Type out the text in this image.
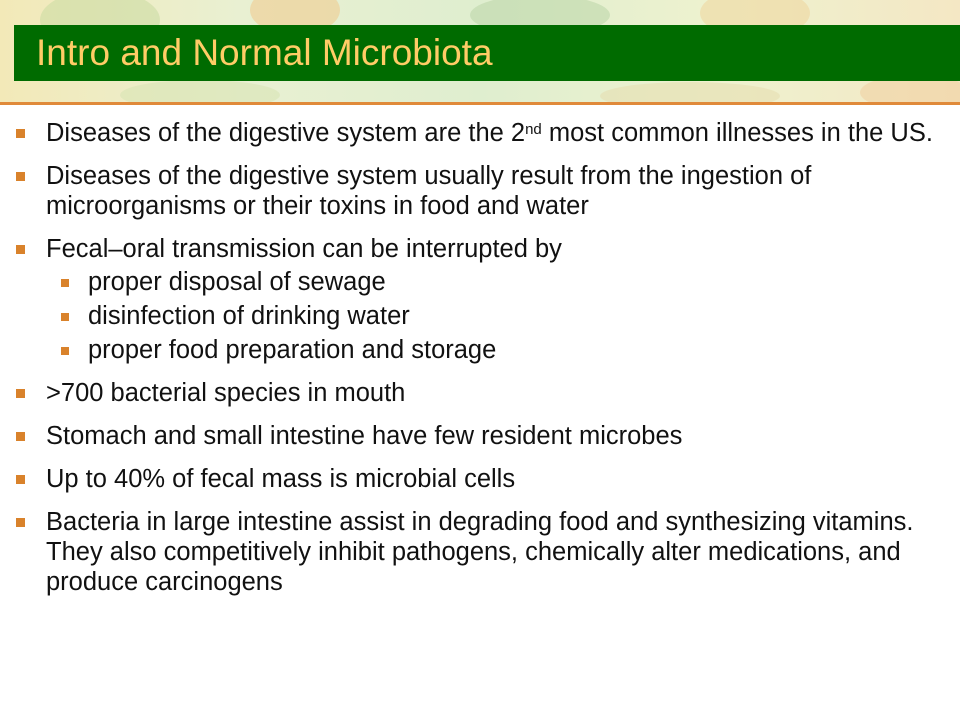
Intro and Normal Microbiota
Diseases of the digestive system are the 2nd most common illnesses in the US.
Diseases of the digestive system usually result from the ingestion of microorganisms or their toxins in food and water
Fecal–oral transmission can be interrupted by
proper disposal of sewage
disinfection of drinking water
proper food preparation and storage
>700 bacterial species in mouth
Stomach and small intestine have few resident microbes
Up to 40% of fecal mass is microbial cells
Bacteria in large intestine assist in degrading food and synthesizing vitamins. They also competitively inhibit pathogens, chemically alter medications, and produce carcinogens
